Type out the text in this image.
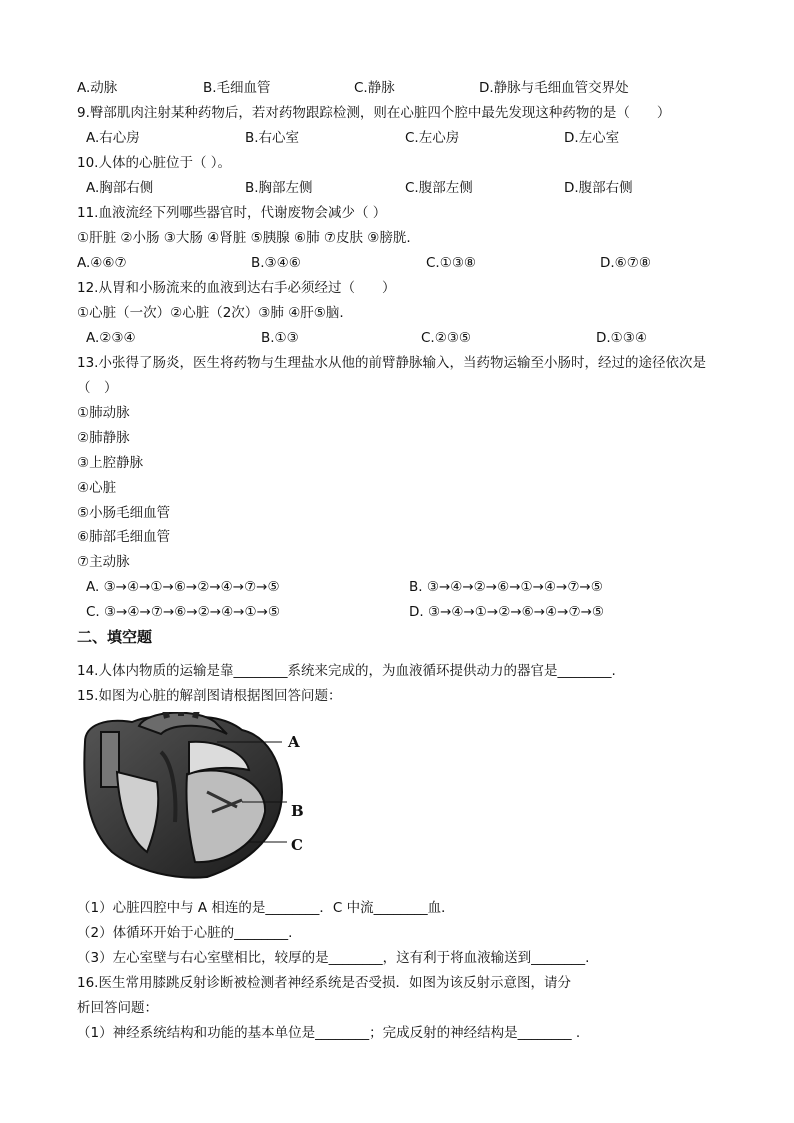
A.动脉	B.毛细血管	C.静脉	D.静脉与毛细血管交界处
9.臀部肌肉注射某种药物后，若对药物跟踪检测，则在心脏四个腔中最先发现这种药物的是（　　）
A.右心房	B.右心室	C.左心房	D.左心室
10.人体的心脏位于（ ）。
A.胸部右侧	B.胸部左侧	C.腹部左侧	D.腹部右侧
11.血液流经下列哪些器官时，代谢废物会减少（ ）
①肝脏 ②小肠 ③大肠 ④肾脏 ⑤胰腺 ⑥肺 ⑦皮肤 ⑨膀胱.
A.④⑥⑦	B.③④⑥	C.①③⑧	D.⑥⑦⑧
12.从胃和小肠流来的血液到达右手必须经过（　　）
①心脏（一次）②心脏（2次）③肺 ④肝⑤脑.
A.②③④	B.①③	C.②③⑤	D.①③④
13.小张得了肠炎，医生将药物与生理盐水从他的前臂静脉输入，当药物运输至小肠时，经过的途径依次是
（　）
①肺动脉
②肺静脉
③上腔静脉
④心脏
⑤小肠毛细血管
⑥肺部毛细血管
⑦主动脉
A. ③→④→①→⑥→②→④→⑦→⑤	B. ③→④→②→⑥→①→④→⑦→⑤
C. ③→④→⑦→⑥→②→④→①→⑤	D. ③→④→①→②→⑥→④→⑦→⑤
二、填空题
14.人体内物质的运输是靠________系统来完成的，为血液循环提供动力的器官是________.
15.如图为心脏的解剖图请根据图回答问题：
A
B
C
（1）心脏四腔中与 A 相连的是________．C 中流________血．
（2）体循环开始于心脏的________.
（3）左心室壁与右心室壁相比，较厚的是________，这有利于将血液输送到________.
16.医生常用膝跳反射诊断被检测者神经系统是否受损．如图为该反射示意图，请分
析回答问题：
（1）神经系统结构和功能的基本单位是________；完成反射的神经结构是________ .
